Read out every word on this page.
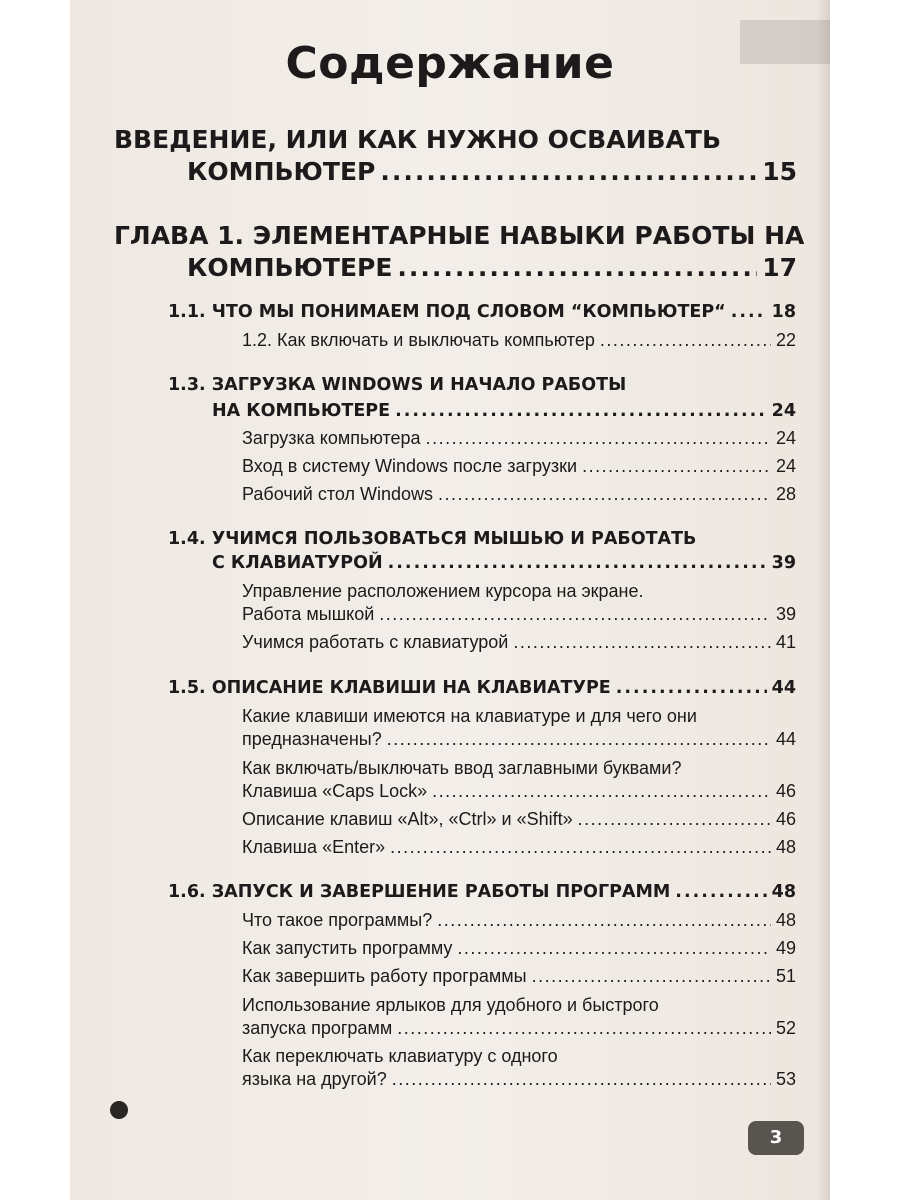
Содержание
ВВЕДЕНИЕ, ИЛИ КАК НУЖНО ОСВАИВАТЬ
КОМПЬЮТЕР .....	15
ГЛАВА 1. ЭЛЕМЕНТАРНЫЕ НАВЫКИ РАБОТЫ НА
КОМПЬЮТЕРЕ .....	17
1.1. ЧТО МЫ ПОНИМАЕМ ПОД СЛОВОМ “КОМПЬЮТЕР“ .....	18
1.2. Как включать и выключать компьютер .....	22
1.3. ЗАГРУЗКА WINDOWS И НАЧАЛО РАБОТЫ
НА КОМПЬЮТЕРЕ .....	24
Загрузка компьютера .....	24
Вход в систему Windows после загрузки .....	24
Рабочий стол Windows .....	28
1.4. УЧИМСЯ ПОЛЬЗОВАТЬСЯ МЫШЬЮ И РАБОТАТЬ
С КЛАВИАТУРОЙ .....	39
Управление расположением курсора на экране.
Работа мышкой .....	39
Учимся работать с клавиатурой .....	41
1.5. ОПИСАНИЕ КЛАВИШИ НА КЛАВИАТУРЕ .....	44
Какие клавиши имеются на клавиатуре и для чего они
предназначены? .....	44
Как включать/выключать ввод заглавными буквами?
Клавиша «Caps Lock» .....	46
Описание клавиш «Alt», «Ctrl» и «Shift» .....	46
Клавиша «Enter» .....	48
1.6. ЗАПУСК И ЗАВЕРШЕНИЕ РАБОТЫ ПРОГРАММ .....	48
Что такое программы? .....	48
Как запустить программу .....	49
Как завершить работу программы .....	51
Использование ярлыков для удобного и быстрого
запуска программ .....	52
Как переключать клавиатуру с одного
языка на другой? .....	53
3
